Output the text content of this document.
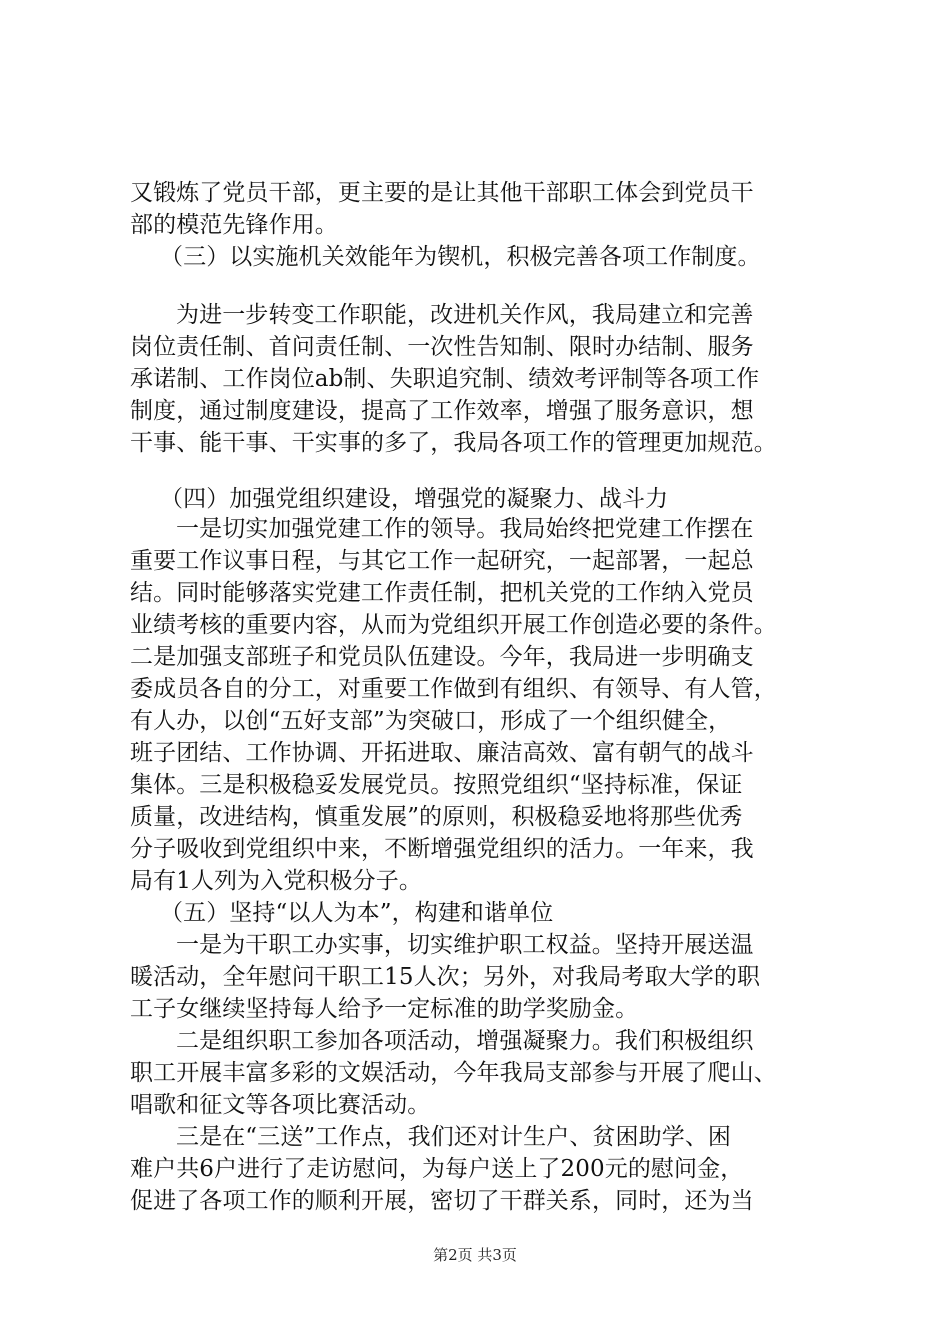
又锻炼了党员干部，更主要的是让其他干部职工体会到党员干
部的模范先锋作用。
（三）以实施机关效能年为锲机，积极完善各项工作制度。
为进一步转变工作职能，改进机关作风，我局建立和完善
岗位责任制、首问责任制、一次性告知制、限时办结制、服务
承诺制、工作岗位ab制、失职追究制、绩效考评制等各项工作
制度，通过制度建设，提高了工作效率，增强了服务意识，想
干事、能干事、干实事的多了，我局各项工作的管理更加规范。
（四）加强党组织建设，增强党的凝聚力、战斗力
一是切实加强党建工作的领导。我局始终把党建工作摆在
重要工作议事日程，与其它工作一起研究，一起部署，一起总
结。同时能够落实党建工作责任制，把机关党的工作纳入党员
业绩考核的重要内容，从而为党组织开展工作创造必要的条件。
二是加强支部班子和党员队伍建设。今年，我局进一步明确支
委成员各自的分工，对重要工作做到有组织、有领导、有人管，
有人办，以创“五好支部”为突破口，形成了一个组织健全，
班子团结、工作协调、开拓进取、廉洁高效、富有朝气的战斗
集体。三是积极稳妥发展党员。按照党组织“坚持标准，保证
质量，改进结构，慎重发展”的原则，积极稳妥地将那些优秀
分子吸收到党组织中来，不断增强党组织的活力。一年来，我
局有1人列为入党积极分子。
（五）坚持“以人为本”，构建和谐单位
一是为干职工办实事，切实维护职工权益。坚持开展送温
暖活动，全年慰问干职工15人次；另外，对我局考取大学的职
工子女继续坚持每人给予一定标准的助学奖励金。
二是组织职工参加各项活动，增强凝聚力。我们积极组织
职工开展丰富多彩的文娱活动，今年我局支部参与开展了爬山、
唱歌和征文等各项比赛活动。
三是在“三送”工作点，我们还对计生户、贫困助学、困
难户共6户进行了走访慰问，为每户送上了200元的慰问金，
促进了各项工作的顺利开展，密切了干群关系，同时，还为当
第2页 共3页
